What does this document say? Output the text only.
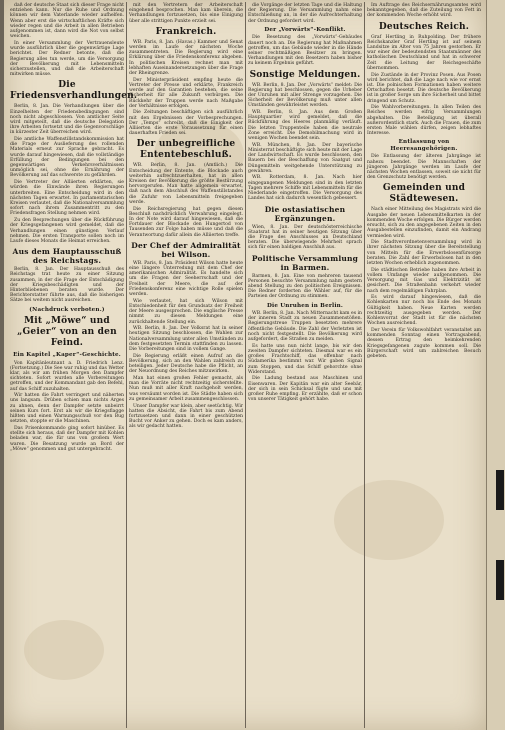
daß der deutsche Staat sich dieser Frage nicht entziehen kann. Nur die Ruhe und Ordnung können wir dem Vaterlande wieder aufhelfen. Wenn aber erst die wirtschaftlichen Kräfte sich wieder regen und die Arbeit in allen Betrieben aufgenommen ist, dann wird die Not von selbst weichen.

In einer Versammlung der Vertrauensleute wurde ausführlich über die gegenwärtige Lage berichtet. Der Redner betonte, daß die Regierung alles tun werde, um die Versorgung der Bevölkerung mit Lebensmitteln sicherzustellen, und daß die Arbeiterschaft mitwirken müsse.

Die Friedensverhandlungen.

Berlin, 8. Jan. Die Verhandlungen über die Einzelheiten der Friedensbedingungen sind noch nicht abgeschlossen. Von amtlicher Seite wird mitgeteilt, daß die deutsche Delegation ihre Arbeiten fortsetzt und die Gegenvorschläge in kürzester Zeit überreichen wird.

Die amtliche Waffenstillstandskommission hat die Frage der Auslieferung des rollenden Materials erneut zur Sprache gebracht. Es wurde darauf hingewiesen, daß die vollständige Erfüllung der Bedingungen bei den gegenwärtigen Verkehrsverhältnissen unmöglich sei, ohne die Ernährung der Bevölkerung auf das schwerste zu gefährden.

Die Vertreter der Alliierten erklärten, sie würden die Einwände ihren Regierungen unterbreiten. Eine Entscheidung wird in den nächsten Tagen erwartet. In parlamentarischen Kreisen verlautet, daß die Nationalversammlung sofort nach ihrem Zusammentritt zu den Friedensfragen Stellung nehmen wird.

Zu den Besprechungen über die Rückführung der Kriegsgefangenen wird gemeldet, daß die Verhandlungen einen günstigen Verlauf nehmen. Die ersten Transporte sollen noch im Laufe dieses Monats die Heimat erreichen.

Aus dem Hauptausschuß des Reichstags.

Berlin, 8. Jan. Der Hauptausschuß des Reichstags trat heute zu einer Sitzung zusammen, in der die Frage der Entschädigung der Kriegsbeschädigten und der Hinterbliebenen beraten wurde. Der Berichterstatter führte aus, daß die bisherigen Sätze bei weitem nicht ausreichen.

(Nachdruck verboten.)
Mit „Möwe“ und „Geier“ von an den Feind.
Ein Kapitel „Kaper“-Geschichte.

Von Kapitänleutnant a. D. Friedrich Lenz. (Fortsetzung.) Die See war ruhig und das Wetter klar, als wir am frühen Morgen den Dampfer sichteten. Sofort wurden alle Vorbereitungen getroffen, und der Kommandant gab den Befehl, auf das Schiff zuzuhalten.

Wir hatten die Fahrt verringert und näherten uns langsam. Drüben schien man nichts Arges zu ahnen, denn der Dampfer setzte unbeirrt seinen Kurs fort. Erst als wir die Kriegsflagge hißten und einen Warnungsschuß vor den Bug setzten, stoppte er die Maschinen.

Das Prisenkommando ging sofort hinüber. Es stellte sich heraus, daß der Dampfer mit Kohlen beladen war, die für uns von großem Wert waren. Die Besatzung wurde an Bord der „Möwe“ genommen und gut untergebracht.

mit den Vertretern der Arbeiterschaft eingehend besprochen. Man kam überein, die Verhandlungen fortzusetzen, bis eine Einigung über alle strittigen Punkte erzielt sei.

Frankreich.

WB. Paris, 8. Jan. (Havas.) Kammer und Senat werden im Laufe der nächsten Woche zusammentreten. Die Regierung wird eine Erklärung über die Friedenskonferenz abgeben. In politischen Kreisen rechnet man mit lebhaften Auseinandersetzungen über die Frage der Rheingrenze.

Der Ministerpräsident empfing heute die Vertreter der Presse und erklärte, Frankreich werde auf den Garantien bestehen, die seine Sicherheit für alle Zukunft verbürgen. Die Rückkehr der Truppen werde nach Maßgabe der Verhältnisse erfolgen.

Die Zeitungen beschäftigen sich ausführlich mit den Ergebnissen der Vorbesprechungen. Der „Temps“ schreibt, daß die Einigkeit der Alliierten die erste Voraussetzung für einen dauerhaften Frieden sei.

Der unbegreifliche Ententebeschluß.

WB. Berlin, 8. Jan. (Amtlich.) Die Entscheidung der Entente, die Blockade auch weiterhin aufrechtzuerhalten, hat in allen Kreisen der Bevölkerung die größte Bestürzung hervorgerufen. Man hatte allgemein erwartet, daß nach dem Abschluß des Waffenstillstandes die Zufuhr von Lebensmitteln freigegeben werde.

Die Reichsregierung hat gegen diesen Beschluß nachdrücklich Verwahrung eingelegt. In der Note wird darauf hingewiesen, daß die Fortdauer der Blockade den Hungertod von Tausenden zur Folge haben müsse und daß die Verantwortung dafür allein die Alliierten treffe.

Der Chef der Admiralität bei Wilson.

WB. Paris, 8. Jan. Präsident Wilson hatte heute eine längere Unterredung mit dem Chef der amerikanischen Admiralität. Es handelte sich um die Fragen der Seeherrschaft und der Freiheit der Meere, die auf der Friedenskonferenz eine wichtige Rolle spielen werden.

Wie verlautet, hat sich Wilson mit Entschiedenheit für den Grundsatz der Freiheit der Meere ausgesprochen. Die englische Presse nimmt zu diesen Meldungen eine zurückhaltende Stellung ein.

WB. Berlin, 8. Jan. Der Volksrat hat in seiner heutigen Sitzung beschlossen, die Wahlen zur Nationalversammlung unter allen Umständen zu dem festgesetzten Termin stattfinden zu lassen. Die Vorbereitungen sind in vollem Gange.

Die Regierung erläßt einen Aufruf an die Bevölkerung, sich an den Wahlen zahlreich zu beteiligen. Jeder Deutsche habe die Pflicht, an der Neuordnung des Reiches mitzuwirken.

Man hat einen großen Fehler gemacht, als man die Vorräte nicht rechtzeitig sicherstellte. Nun muß mit aller Kraft nachgeholt werden, was versäumt worden ist. Die Städte haben sich zu gemeinsamer Arbeit zusammengeschlossen.

Unser Dampfer war klein, aber seetüchtig. Wir hatten die Absicht, die Fahrt bis zum Abend fortzusetzen und dann in einer geschützten Bucht vor Anker zu gehen. Doch es kam anders, als wir gedacht hatten.

die Vorgänge der letzten Tage und die Haltung der Regierung. Die Versammlung nahm eine Entschließung an, in der die Aufrechterhaltung der Ordnung gefordert wird.

Der „Vorwärts“-Konflikt.

Die Besetzung des „Vorwärts“-Gebäudes dauert noch an. Die Regierung hat Maßnahmen getroffen, um das Gebäude wieder in die Hände seiner rechtmäßigen Besitzer zu bringen. Verhandlungen mit den Besetzern haben bisher zu keinem Ergebnis geführt.

Sonstige Meldungen.

WB. Berlin, 8. Jan. Der „Vorwärts“ meldet: Die Regierung hat beschlossen, gegen die Urheber der Unruhen mit aller Strenge vorzugehen. Die Sicherheit der Bevölkerung muß unter allen Umständen gewährleistet werden.

WB. Berlin, 8. Jan. Aus dem Großen Hauptquartier wird gemeldet, daß die Rückführung des Heeres planmäßig verläuft. Die letzten Truppenteile haben die neutrale Zone erreicht. Die Demobilmachung wird in wenigen Wochen beendet sein.

WB. München, 8. Jan. Der bayerische Ministerrat beschäftigte sich heute mit der Lage der Landwirtschaft. Es wurde beschlossen, den Bauern bei der Beschaffung von Saatgut und Düngemitteln weitgehende Unterstützung zu gewähren.

WB. Rotterdam, 8. Jan. Nach hier eingegangenen Meldungen sind in den letzten Tagen mehrere Schiffe mit Lebensmitteln für die Niederlande eingetroffen. Die Versorgung des Landes hat sich dadurch wesentlich gebessert.

Die ostasiatischen Ergänzungen.

Wien, 8. Jan. Der deutschösterreichische Staatsrat hat in seiner heutigen Sitzung über die Frage des Anschlusses an Deutschland beraten. Die überwiegende Mehrheit sprach sich für einen baldigen Anschluß aus.

Politische Versammlung in Barmen.

Barmen, 8. Jan. Eine von mehreren tausend Personen besuchte Versammlung nahm gestern abend Stellung zu den politischen Ereignissen. Die Redner forderten die Wähler auf, für die Parteien der Ordnung zu stimmen.

Die Unruhen in Berlin.

WB. Berlin, 8. Jan. Nach Mitternacht kam es in der inneren Stadt zu neuen Zusammenstößen. Regierungstreue Truppen besetzten mehrere öffentliche Gebäude. Die Zahl der Verletzten ist noch nicht festgestellt. Die Bevölkerung wird aufgefordert, die Straßen zu meiden.

Es hatte uns nun nicht lange, bis wir den zweiten Dampfer sichteten. Diesmal war es ein großes Frachtschiff, das offenbar nach Südamerika bestimmt war. Wir gaben Signal zum Stoppen, und das Schiff gehorchte ohne Widerstand.

Die Ladung bestand aus Maschinen und Eisenwaren. Der Kapitän war ein alter Seebär, der sich in sein Schicksal fügte und uns mit großer Ruhe empfing. Er erzählte, daß er schon von unserer Tätigkeit gehört habe.

Im Auftrage des Reichsernährungsamtes wird bekanntgegeben, daß die Zuteilung von Fett in der kommenden Woche erhöht wird.

Deutsches Reich.

Graf Hertling in Ruhpolding. Der frühere Reichskanzler Graf Hertling ist auf seinem Landsitze im Alter von 75 Jahren gestorben. Er war einer der bedeutendsten Staatsmänner des katholischen Deutschland und hat in schwerer Zeit die Leitung der Reichsgeschäfte übernommen.

Die Zustände in der Provinz Posen. Aus Posen wird berichtet, daß die Lage nach wie vor ernst ist. Die polnischen Formationen haben weitere Ortschaften besetzt. Die deutsche Bevölkerung ist in großer Sorge um ihre Sicherheit und bittet dringend um Schutz.

Die Wahlvorbereitungen. In allen Teilen des Reiches werden eifrig Versammlungen abgehalten. Die Beteiligung ist überall außerordentlich stark. Auch die Frauen, die zum ersten Male wählen dürfen, zeigen lebhaftes Interesse.

Entlassung von Heeresangehörigen.

Die Entlassung der älteren Jahrgänge ist nahezu beendet. Die Mannschaften der jüngeren Jahrgänge werden im Laufe der nächsten Wochen entlassen, soweit sie nicht für den Grenzschutz benötigt werden.

Gemeinden und Städtewesen.

Nach einer Mitteilung des Magistrats wird die Ausgabe der neuen Lebensmittelkarten in der kommenden Woche erfolgen. Die Bürger werden ersucht, sich zu den angegebenen Zeiten in den Ausgabestellen einzufinden, damit ein Andrang vermieden wird.

Die Stadtverordnetenversammlung wird in ihrer nächsten Sitzung über die Bereitstellung von Mitteln für die Erwerbslosenfürsorge beraten. Die Zahl der Erwerbslosen hat in den letzten Wochen erheblich zugenommen.

Die städtischen Betriebe haben ihre Arbeit in vollem Umfange wieder aufgenommen. Die Versorgung mit Gas und Elektrizität ist gesichert. Die Straßenbahn verkehrt wieder nach dem regelmäßigen Fahrplan.

Es wird darauf hingewiesen, daß die Kohlenkarten nur noch bis Ende des Monats Gültigkeit haben. Neue Karten werden rechtzeitig ausgegeben werden. Der Kohlenvorrat der Stadt ist für die nächsten Wochen ausreichend.

Der Verein für Volkswohlfahrt veranstaltet am kommenden Sonntag einen Vortragsabend, dessen Ertrag den heimkehrenden Kriegsgefangenen zugute kommen soll. Die Bürgerschaft wird um zahlreichen Besuch gebeten.
